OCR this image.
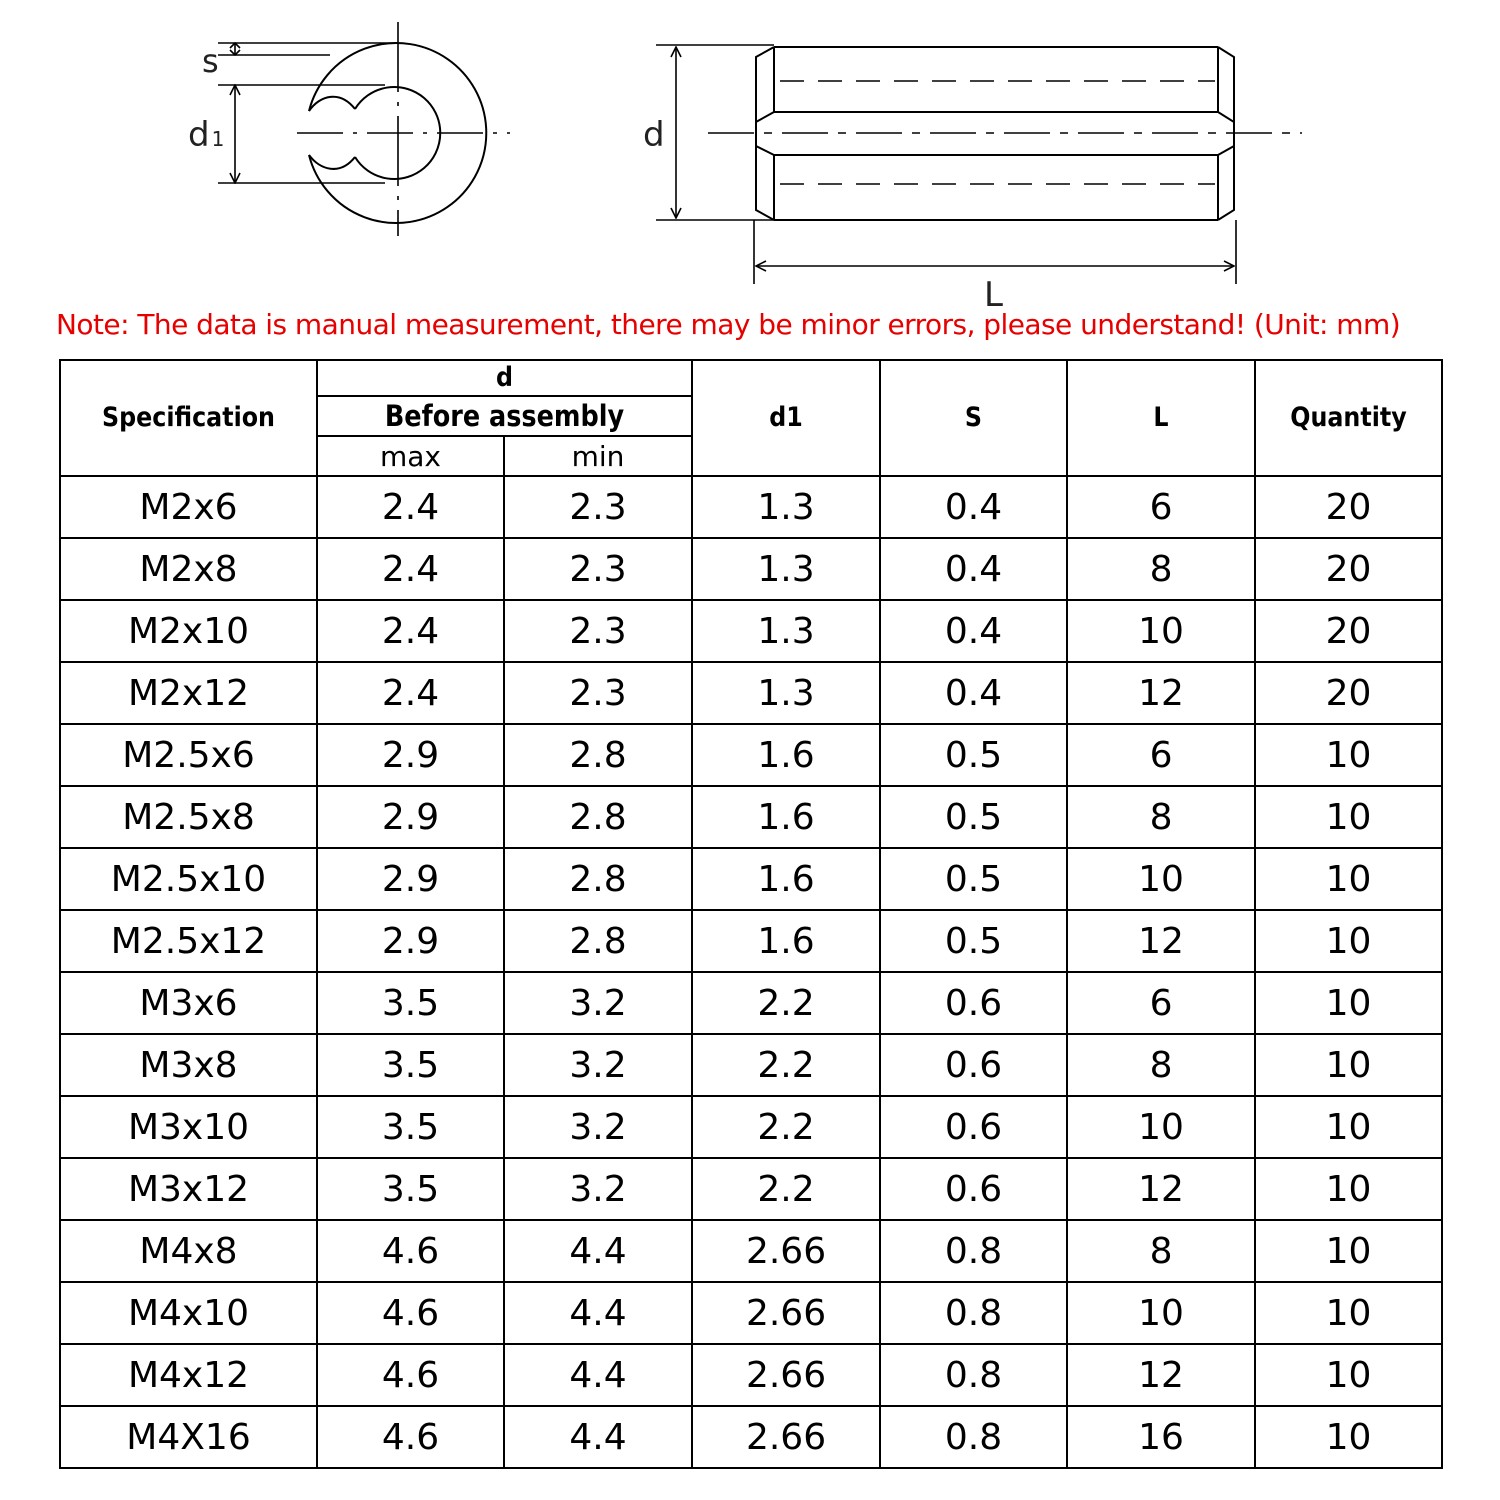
s
d 1	d
L
Note: The data is manual measurement, there may be minor errors, please understand! (Unit: mm)
Specification	d		d1	S	L	Quantity
	Before assembly					
	max	min				
M2x6	2.4	2.3	1.3	0.4	6	20
M2x8	2.4	2.3	1.3	0.4	8	20
M2x10	2.4	2.3	1.3	0.4	10	20
M2x12	2.4	2.3	1.3	0.4	12	20
M2.5x6	2.9	2.8	1.6	0.5	6	10
M2.5x8	2.9	2.8	1.6	0.5	8	10
M2.5x10	2.9	2.8	1.6	0.5	10	10
M2.5x12	2.9	2.8	1.6	0.5	12	10
M3x6	3.5	3.2	2.2	0.6	6	10
M3x8	3.5	3.2	2.2	0.6	8	10
M3x10	3.5	3.2	2.2	0.6	10	10
M3x12	3.5	3.2	2.2	0.6	12	10
M4x8	4.6	4.4	2.66	0.8	8	10
M4x10	4.6	4.4	2.66	0.8	10	10
M4x12	4.6	4.4	2.66	0.8	12	10
M4X16	4.6	4.4	2.66	0.8	16	10
